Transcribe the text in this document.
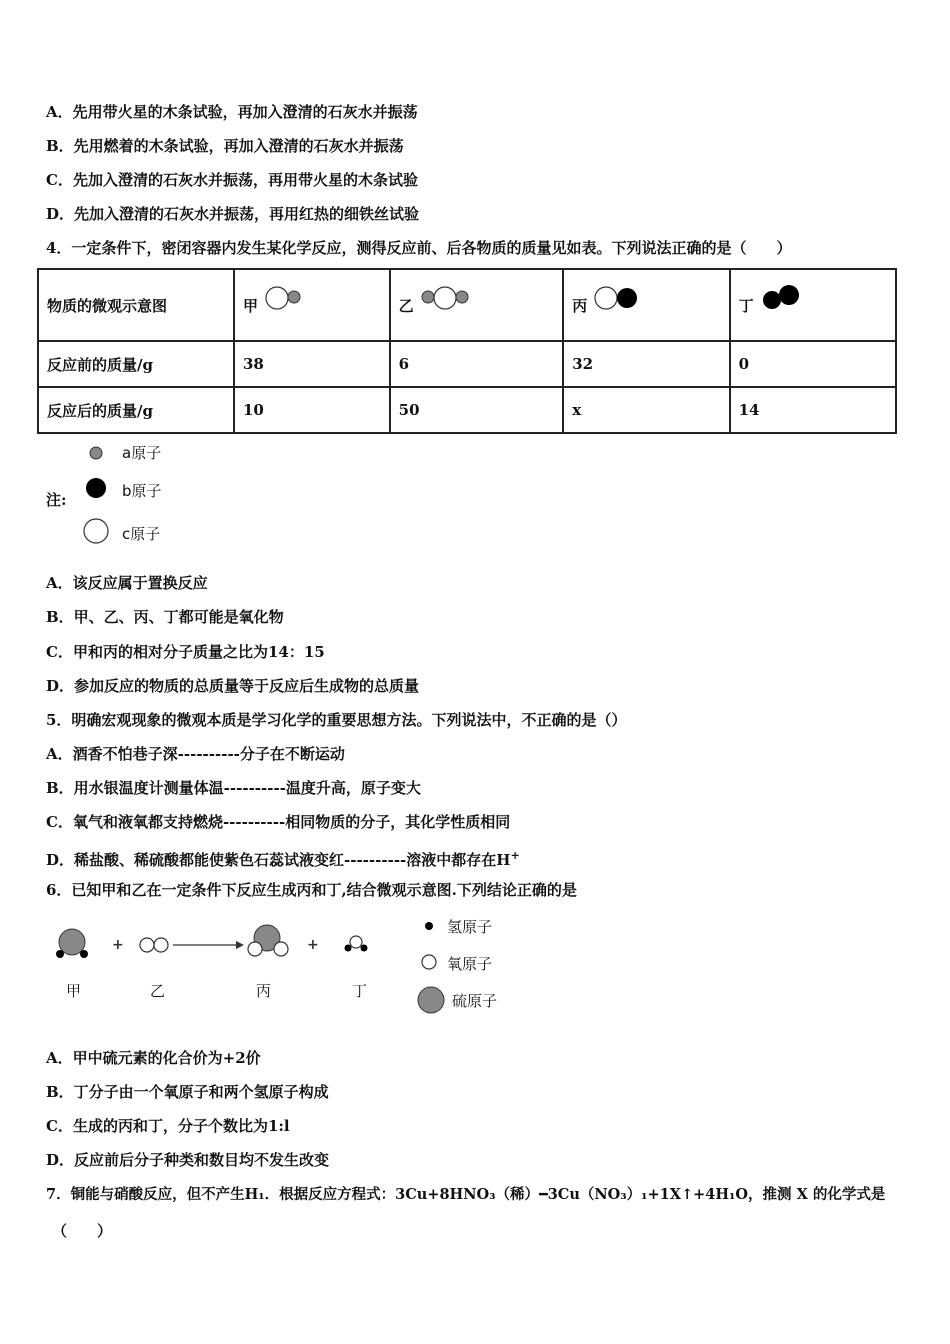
A．先用带火星的木条试验，再加入澄清的石灰水并振荡
B．先用燃着的木条试验，再加入澄清的石灰水并振荡
C．先加入澄清的石灰水并振荡，再用带火星的木条试验
D．先加入澄清的石灰水并振荡，再用红热的细铁丝试验
4．一定条件下，密闭容器内发生某化学反应，测得反应前、后各物质的质量见如表。下列说法正确的是（　　）
物质的微观示意图	甲	乙	丙	丁

反应前的质量/g	38	6	32	0
反应后的质量/g	10	50	x	14
注:
a原子
b原子
c原子
A．该反应属于置换反应
B．甲、乙、丙、丁都可能是氧化物
C．甲和丙的相对分子质量之比为14：15
D．参加反应的物质的总质量等于反应后生成物的总质量
5．明确宏观现象的微观本质是学习化学的重要思想方法。下列说法中，不正确的是（）
A．酒香不怕巷子深----------分子在不断运动
B．用水银温度计测量体温----------温度升高，原子变大
C．氧气和液氧都支持燃烧----------相同物质的分子，其化学性质相同
D．稀盐酸、稀硫酸都能使紫色石蕊试液变红----------溶液中都存在H+
6．已知甲和乙在一定条件下反应生成丙和丁,结合微观示意图.下列结论正确的是
+	+
甲	乙	丙	丁
氢原子
氧原子
硫原子
A．甲中硫元素的化合价为+2价
B．丁分子由一个氧原子和两个氢原子构成
C．生成的丙和丁，分子个数比为1:l
D．反应前后分子种类和数目均不发生改变
7．铜能与硝酸反应，但不产生H₁．根据反应方程式：3Cu+8HNO₃（稀）━3Cu（NO₃）₁+1X↑+4H₁O，推测 X 的化学式是
（　　）
